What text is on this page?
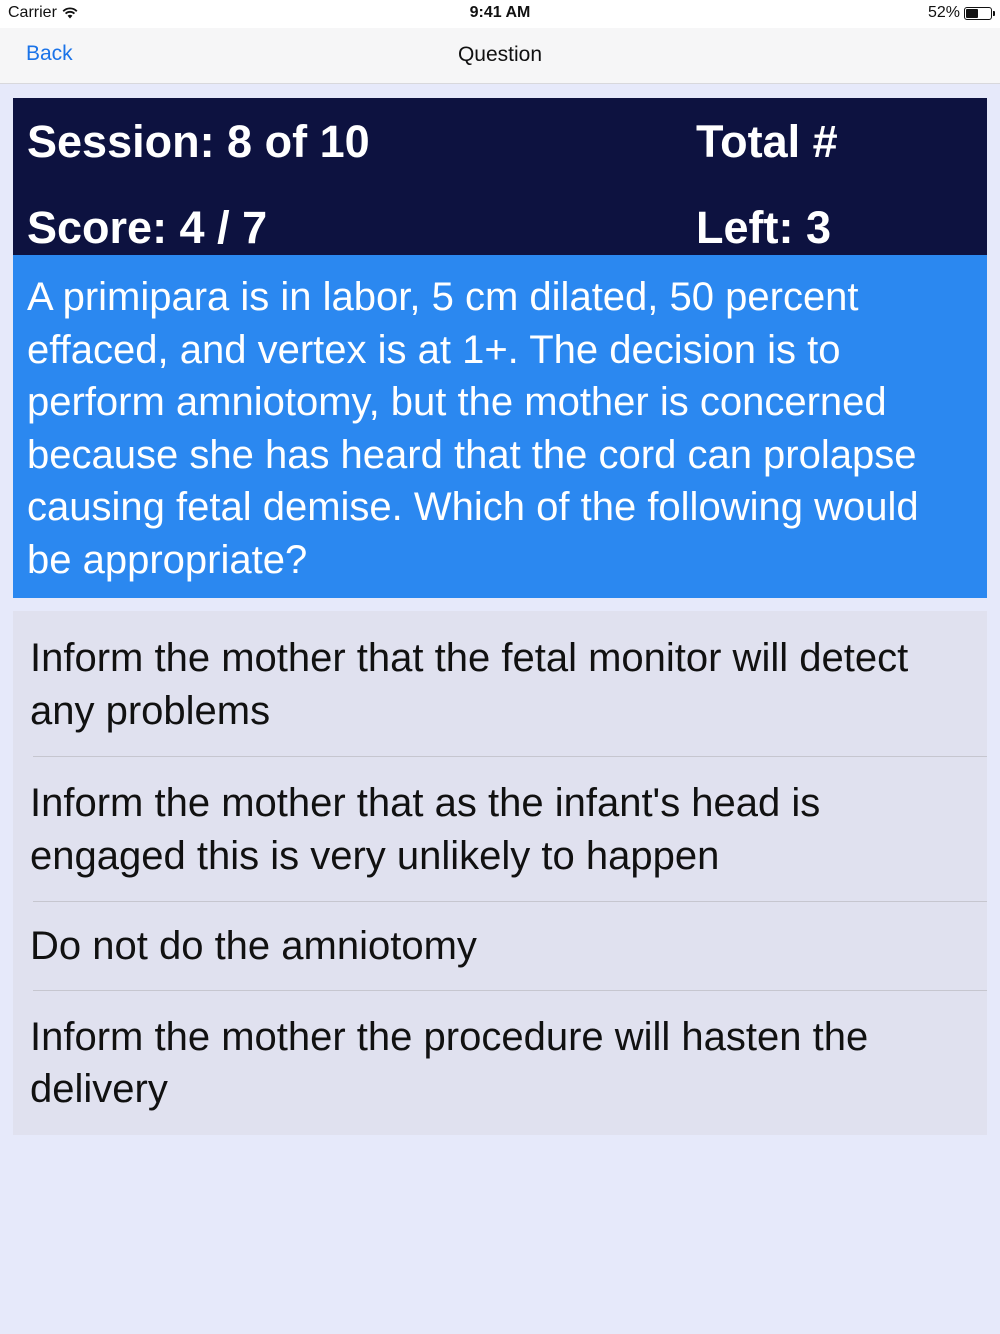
Carrier	9:41 AM	52%
Back	Question
Session: 8 of 10	Total #
Score: 4 / 7	Left: 3
A primipara is in labor, 5 cm dilated, 50 percent effaced, and vertex is at 1+. The decision is to perform amniotomy, but the mother is concerned because she has heard that the cord can prolapse causing fetal demise. Which of the following would be appropriate?
Inform the mother that the fetal monitor will detect any problems
Inform the mother that as the infant's head is engaged this is very unlikely to happen
Do not do the amniotomy
Inform the mother the procedure will hasten the delivery
